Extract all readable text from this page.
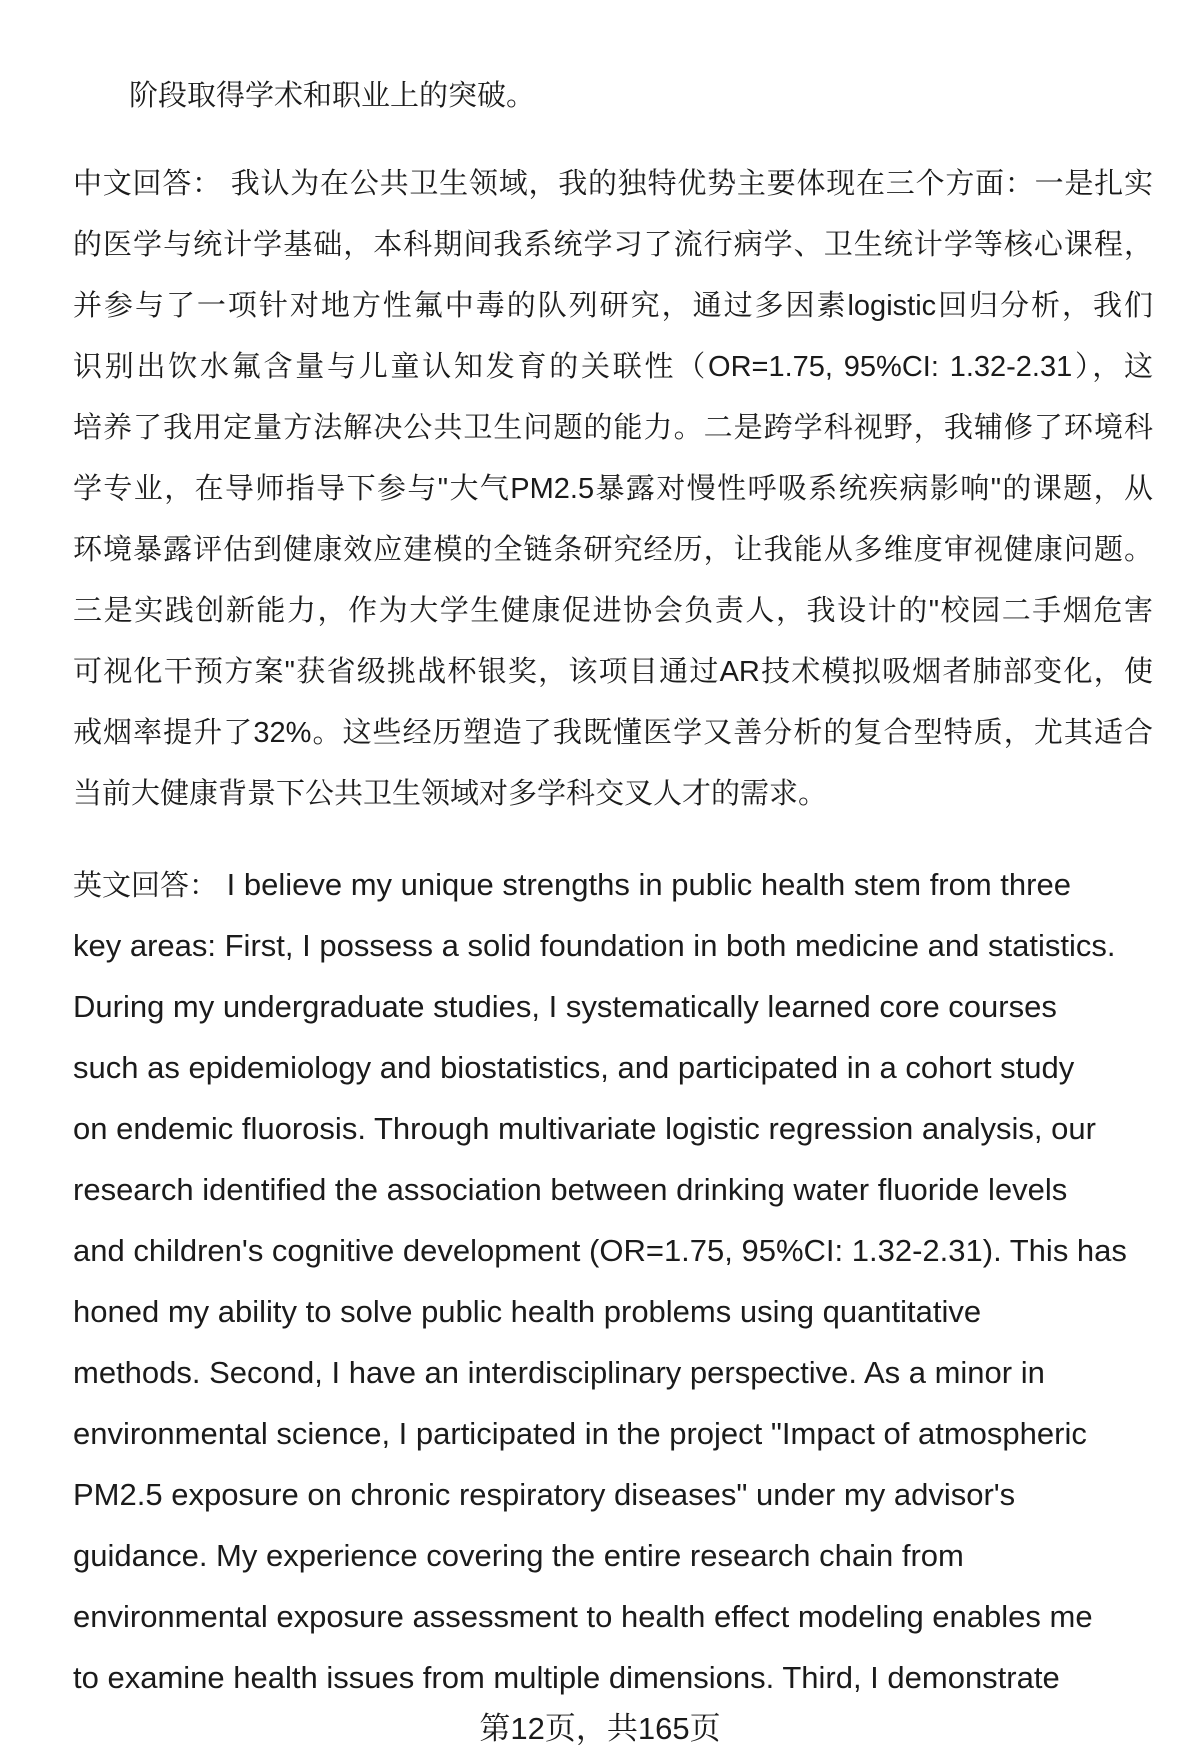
阶段取得学术和职业上的突破。
中文回答： 我认为在公共卫生领域，我的独特优势主要体现在三个方面：一是扎实
的医学与统计学基础，本科期间我系统学习了流行病学、卫生统计学等核心课程，
并参与了一项针对地方性氟中毒的队列研究，通过多因素logistic回归分析，我们
识别出饮水氟含量与儿童认知发育的关联性（OR=1.75, 95%CI: 1.32-2.31），这
培养了我用定量方法解决公共卫生问题的能力。二是跨学科视野，我辅修了环境科
学专业，在导师指导下参与"大气PM2.5暴露对慢性呼吸系统疾病影响"的课题，从
环境暴露评估到健康效应建模的全链条研究经历，让我能从多维度审视健康问题。
三是实践创新能力，作为大学生健康促进协会负责人，我设计的"校园二手烟危害
可视化干预方案"获省级挑战杯银奖，该项目通过AR技术模拟吸烟者肺部变化，使
戒烟率提升了32%。这些经历塑造了我既懂医学又善分析的复合型特质，尤其适合
当前大健康背景下公共卫生领域对多学科交叉人才的需求。
英文回答： I believe my unique strengths in public health stem from three
key areas: First, I possess a solid foundation in both medicine and statistics.
During my undergraduate studies, I systematically learned core courses
such as epidemiology and biostatistics, and participated in a cohort study
on endemic fluorosis. Through multivariate logistic regression analysis, our
research identified the association between drinking water fluoride levels
and children's cognitive development (OR=1.75, 95%CI: 1.32-2.31). This has
honed my ability to solve public health problems using quantitative
methods. Second, I have an interdisciplinary perspective. As a minor in
environmental science, I participated in the project "Impact of atmospheric
PM2.5 exposure on chronic respiratory diseases" under my advisor's
guidance. My experience covering the entire research chain from
environmental exposure assessment to health effect modeling enables me
to examine health issues from multiple dimensions. Third, I demonstrate
第12页，共165页
